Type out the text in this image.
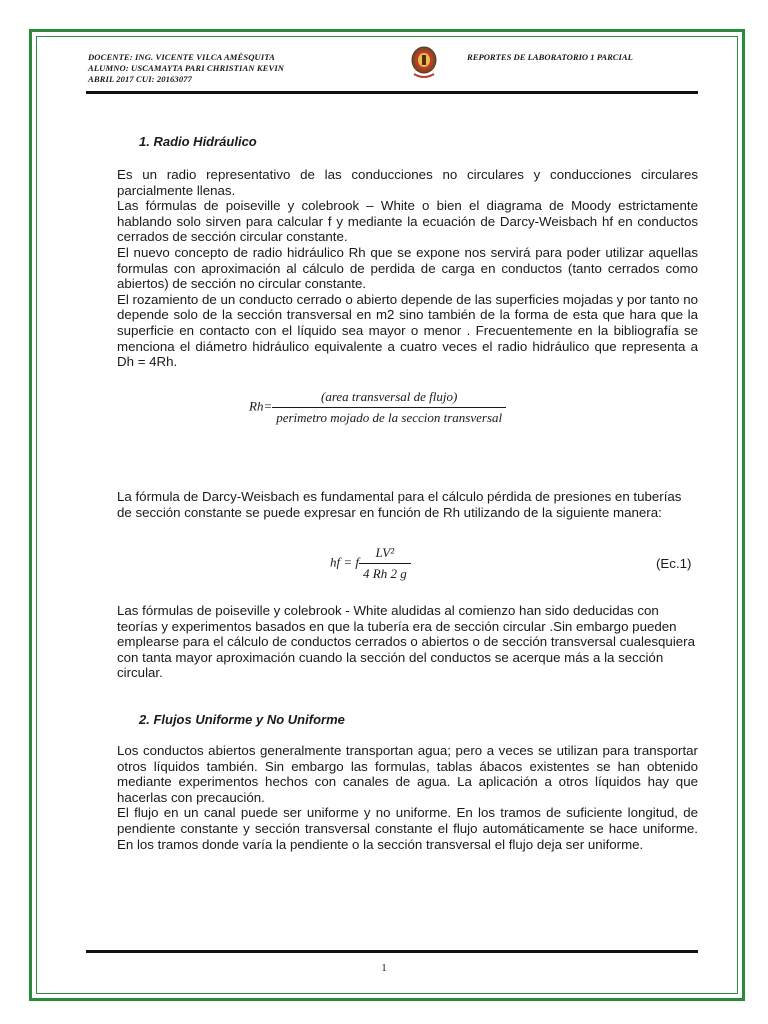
DOCENTE: ING. VICENTE VILCA AMÉSQUITA
ALUMNO: USCAMAYTA PARI CHRISTIAN KEVIN
ABRIL 2017 CUI: 20163077
REPORTES DE LABORATORIO 1 PARCIAL
1. Radio Hidráulico
Es un radio representativo de las conducciones no circulares y conducciones circulares parcialmente llenas.
Las fórmulas de poiseville y colebrook – White o bien el diagrama de Moody estrictamente hablando solo sirven para calcular f y mediante la ecuación de Darcy-Weisbach hf en conductos cerrados de sección circular constante.
El nuevo concepto de radio hidráulico Rh que se expone nos servirá para poder utilizar aquellas formulas con aproximación al cálculo de perdida de carga en conductos (tanto cerrados como abiertos) de sección no circular constante.
El rozamiento de un conducto cerrado o abierto depende de las superficies mojadas y por tanto no depende solo de la sección transversal en m2 sino también de la forma de esta que hara que la superficie en contacto con el líquido sea mayor o menor . Frecuentemente en la bibliografía se menciona el diámetro hidráulico equivalente a cuatro veces el radio hidráulico que representa a Dh = 4Rh.
$Rh= \frac{\text{(area transversal de flujo)}}{\text{perimetro mojado de la seccion transversal}}$
La fórmula de Darcy-Weisbach es fundamental para el cálculo pérdida de presiones en tuberías de sección constante se puede expresar en función de Rh utilizando de la siguiente manera:
hf = f $\frac{\text{LV²}}{4 Rh 2 g}$	(Ec.1)
Las fórmulas de poiseville y colebrook - White aludidas al comienzo han sido deducidas con teorías y experimentos basados en que la tubería era de sección circular .Sin embargo pueden emplearse para el cálculo de conductos cerrados o abiertos o de sección transversal cualesquiera con tanta mayor aproximación cuando la sección del conductos se acerque más a la sección circular.
2. Flujos Uniforme y No Uniforme
Los conductos abiertos generalmente transportan agua; pero a veces se utilizan para transportar otros líquidos también. Sin embargo las formulas, tablas ábacos existentes se han obtenido mediante experimentos hechos con canales de agua. La aplicación a otros líquidos hay que hacerlas con precaución.
El flujo en un canal puede ser uniforme y no uniforme. En los tramos de suficiente longitud, de pendiente constante y sección transversal constante el flujo automáticamente se hace uniforme. En los tramos donde varía la pendiente o la sección transversal el flujo deja ser uniforme.
1
